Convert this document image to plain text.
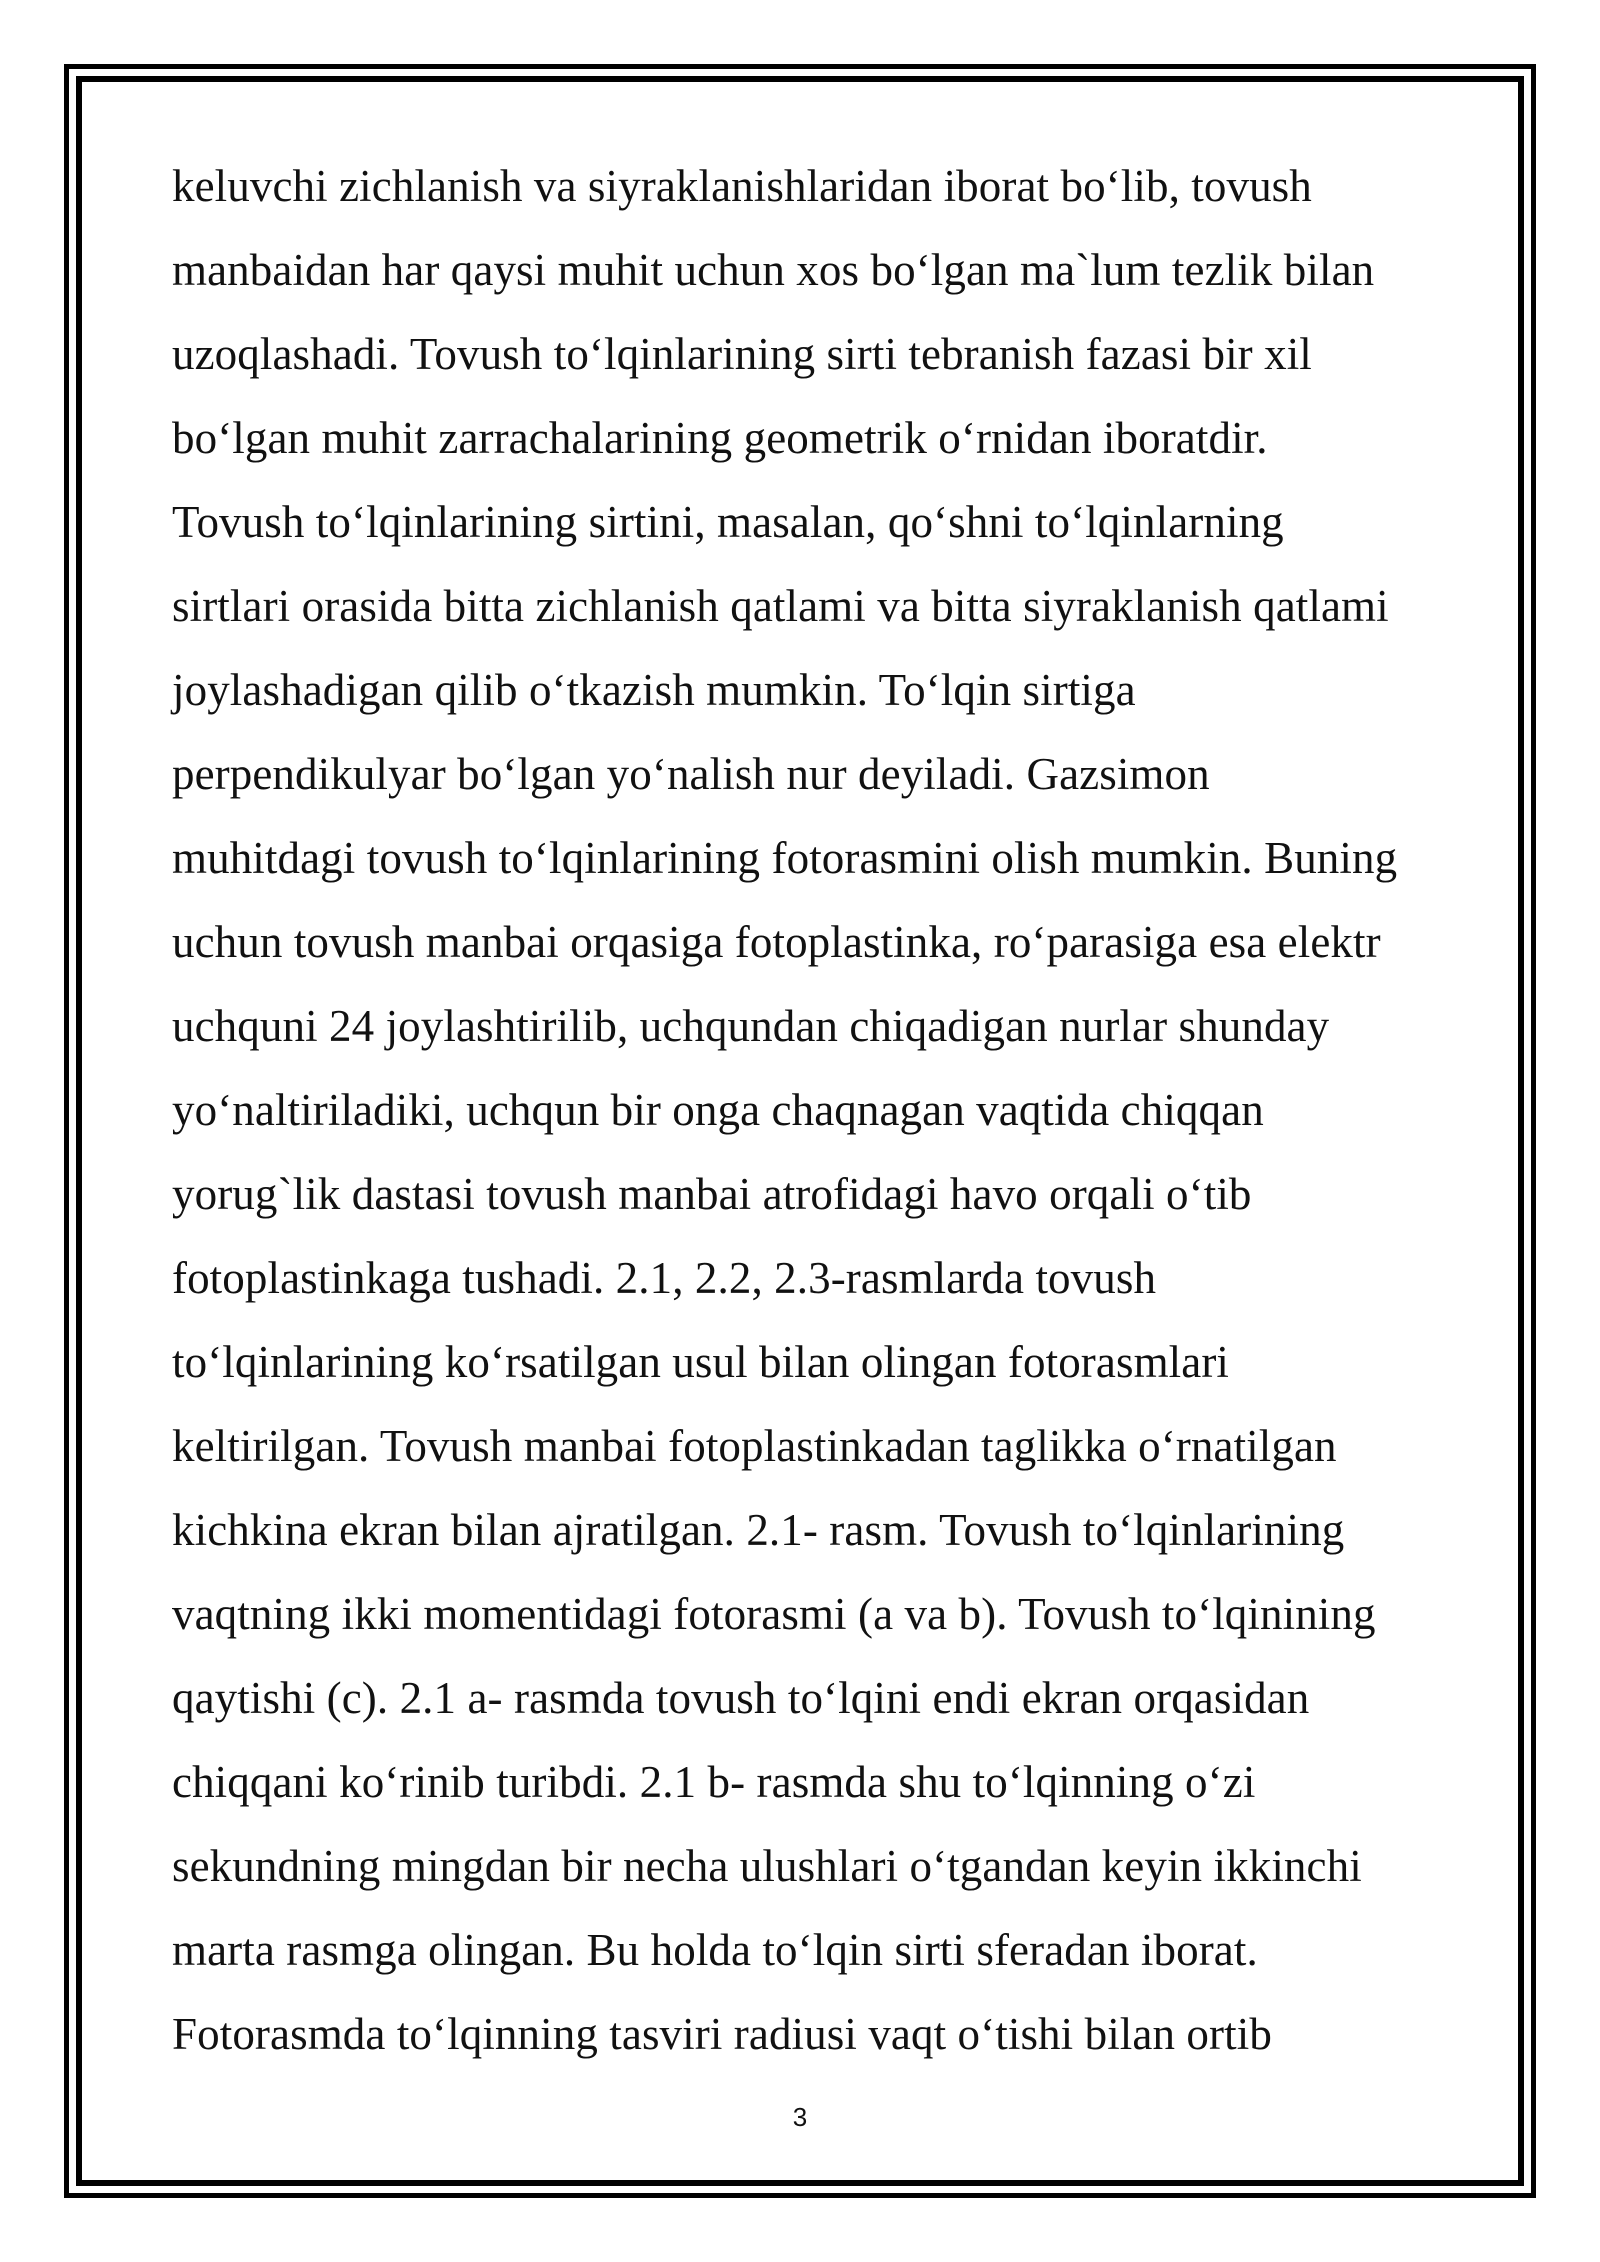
keluvchi zichlanish va siyraklanishlaridan iborat bo‘lib, tovush
manbaidan har qaysi muhit uchun xos bo‘lgan ma`lum tezlik bilan
uzoqlashadi. Tovush to‘lqinlarining sirti tebranish fazasi bir xil
bo‘lgan muhit zarrachalarining geometrik o‘rnidan iboratdir.
Tovush to‘lqinlarining sirtini, masalan, qo‘shni to‘lqinlarning
sirtlari orasida bitta zichlanish qatlami va bitta siyraklanish qatlami
joylashadigan qilib o‘tkazish mumkin. To‘lqin sirtiga
perpendikulyar bo‘lgan yo‘nalish nur deyiladi. Gazsimon
muhitdagi tovush to‘lqinlarining fotorasmini olish mumkin. Buning
uchun tovush manbai orqasiga fotoplastinka, ro‘parasiga esa elektr
uchquni 24 joylashtirilib, uchqundan chiqadigan nurlar shunday
yo‘naltiriladiki, uchqun bir onga chaqnagan vaqtida chiqqan
yorug`lik dastasi tovush manbai atrofidagi havo orqali o‘tib
fotoplastinkaga tushadi. 2.1, 2.2, 2.3-rasmlarda tovush
to‘lqinlarining ko‘rsatilgan usul bilan olingan fotorasmlari
keltirilgan. Tovush manbai fotoplastinkadan taglikka o‘rnatilgan
kichkina ekran bilan ajratilgan. 2.1- rasm. Tovush to‘lqinlarining
vaqtning ikki momentidagi fotorasmi (a va b). Tovush to‘lqinining
qaytishi (c). 2.1 a- rasmda tovush to‘lqini endi ekran orqasidan
chiqqani ko‘rinib turibdi. 2.1 b- rasmda shu to‘lqinning o‘zi
sekundning mingdan bir necha ulushlari o‘tgandan keyin ikkinchi
marta rasmga olingan. Bu holda to‘lqin sirti sferadan iborat.
Fotorasmda to‘lqinning tasviri radiusi vaqt o‘tishi bilan ortib
3
